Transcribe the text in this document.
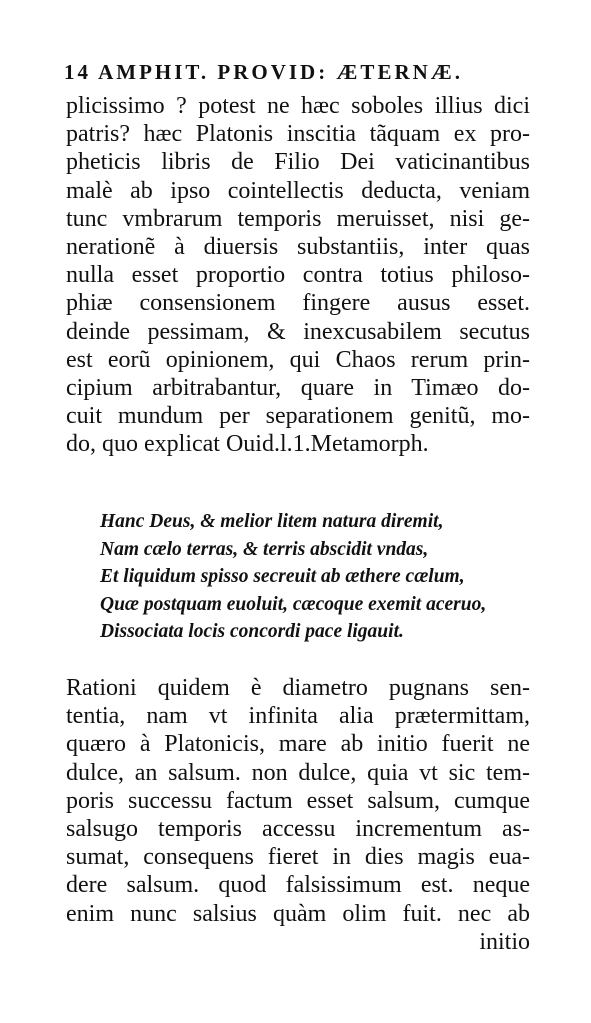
14 AMPHIT. PROVID: ÆTERNÆ.
plicissimo ? potest ne hæc soboles illius dici
patris? hæc Platonis inscitia tãquam ex pro-
pheticis libris de Filio Dei vaticinantibus
malè ab ipso cointellectis deducta, veniam
tunc vmbrarum temporis meruisset, nisi ge-
nerationẽ à diuersis substantiis, inter quas
nulla esset proportio contra totius philoso-
phiæ consensionem fingere ausus esset.
deinde pessimam, & inexcusabilem secutus
est eorũ opinionem, qui Chaos rerum prin-
cipium arbitrabantur, quare in Timæo do-
cuit mundum per separationem genitũ, mo-
do, quo explicat Ouid.l.1.Metamorph.
Hanc Deus, & melior litem natura diremit,
Nam cælo terras, & terris abscidit vndas,
Et liquidum spisso secreuit ab æthere cælum,
Quæ postquam euoluit, cæcoque exemit aceruo,
Dissociata locis concordi pace ligauit.
Rationi quidem è diametro pugnans sen-
tentia, nam vt infinita alia prætermittam,
quæro à Platonicis, mare ab initio fuerit ne
dulce, an salsum. non dulce, quia vt sic tem-
poris successu factum esset salsum, cumque
salsugo temporis accessu incrementum as-
sumat, consequens fieret in dies magis eua-
dere salsum. quod falsissimum est. neque
enim nunc salsius quàm olim fuit. nec ab
initio
